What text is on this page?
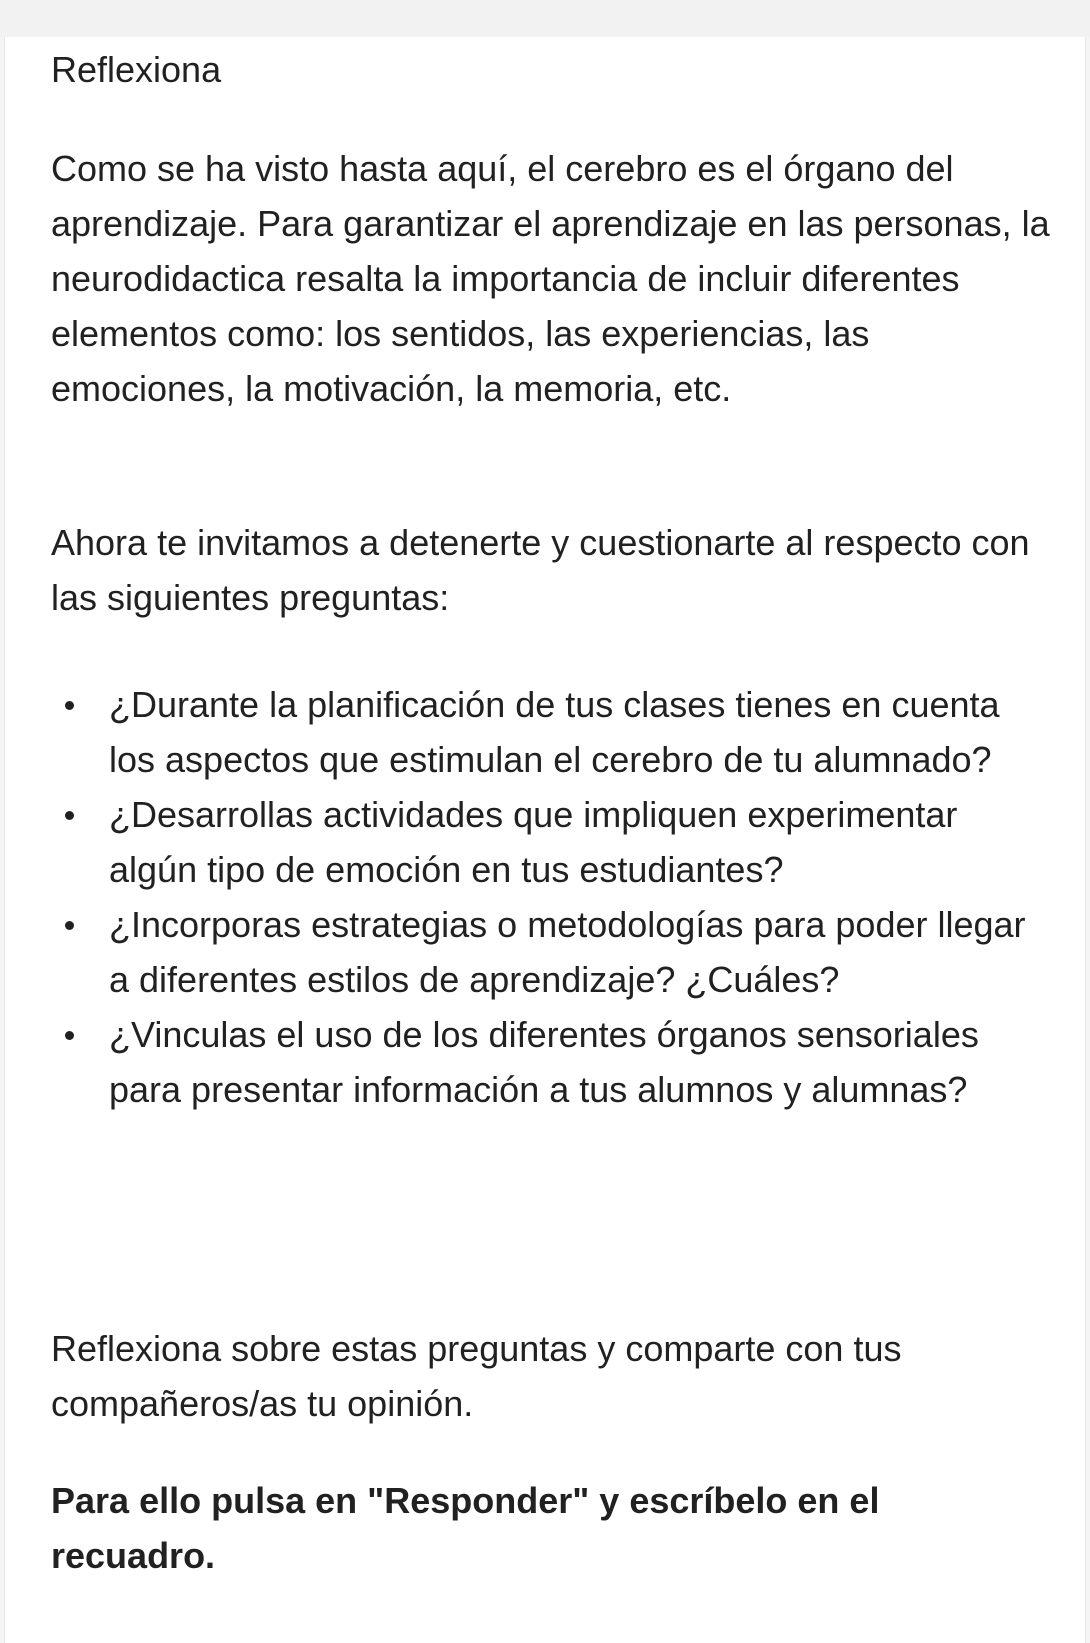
Reflexiona

Como se ha visto hasta aquí, el cerebro es el órgano del aprendizaje. Para garantizar el aprendizaje en las personas, la neurodidactica resalta la importancia de incluir diferentes elementos como: los sentidos, las experiencias, las emociones, la motivación, la memoria, etc.

Ahora te invitamos a detenerte y cuestionarte al respecto con las siguientes preguntas:

¿Durante la planificación de tus clases tienes en cuenta los aspectos que estimulan el cerebro de tu alumnado?
¿Desarrollas actividades que impliquen experimentar algún tipo de emoción en tus estudiantes?
¿Incorporas estrategias o metodologías para poder llegar a diferentes estilos de aprendizaje? ¿Cuáles?
¿Vinculas el uso de los diferentes órganos sensoriales para presentar información a tus alumnos y alumnas?

Reflexiona sobre estas preguntas y comparte con tus compañeros/as tu opinión.

Para ello pulsa en "Responder" y escríbelo en el recuadro.
